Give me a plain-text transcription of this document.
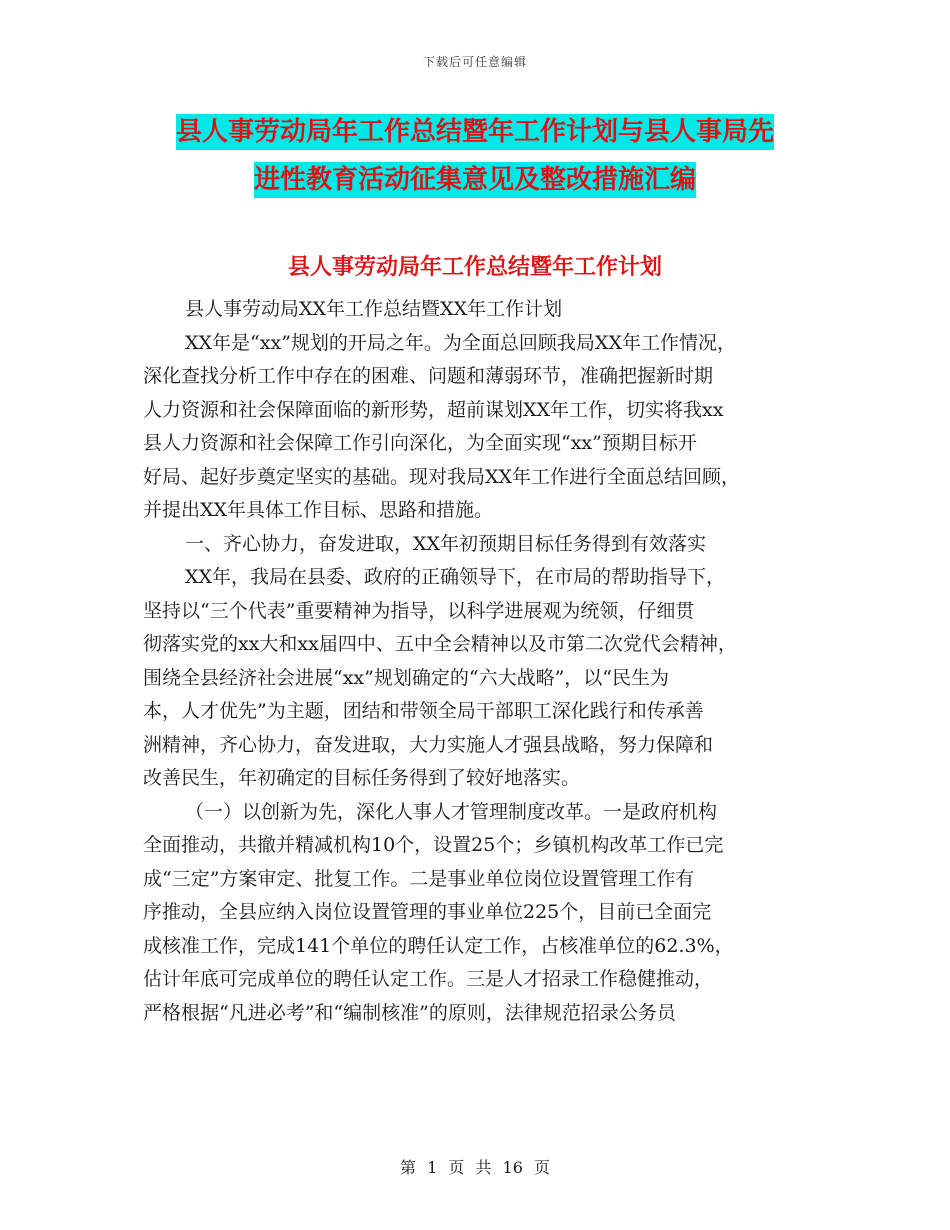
下载后可任意编辑
县人事劳动局年工作总结暨年工作计划与县人事局先
进性教育活动征集意见及整改措施汇编
县人事劳动局年工作总结暨年工作计划
县人事劳动局XX年工作总结暨XX年工作计划
XX年是“xx”规划的开局之年。为全面总回顾我局XX年工作情况，
深化查找分析工作中存在的困难、问题和薄弱环节，准确把握新时期
人力资源和社会保障面临的新形势，超前谋划XX年工作，切实将我xx
县人力资源和社会保障工作引向深化，为全面实现“xx”预期目标开
好局、起好步奠定坚实的基础。现对我局XX年工作进行全面总结回顾，
并提出XX年具体工作目标、思路和措施。
一、齐心协力，奋发进取，XX年初预期目标任务得到有效落实
XX年，我局在县委、政府的正确领导下，在市局的帮助指导下，
坚持以“三个代表”重要精神为指导，以科学进展观为统领，仔细贯
彻落实党的xx大和xx届四中、五中全会精神以及市第二次党代会精神，
围绕全县经济社会进展“xx”规划确定的“六大战略”，以“民生为
本，人才优先”为主题，团结和带领全局干部职工深化践行和传承善
洲精神，齐心协力，奋发进取，大力实施人才强县战略，努力保障和
改善民生，年初确定的目标任务得到了较好地落实。
（一）以创新为先，深化人事人才管理制度改革。一是政府机构
全面推动，共撤并精减机构10个，设置25个；乡镇机构改革工作已完
成“三定”方案审定、批复工作。二是事业单位岗位设置管理工作有
序推动，全县应纳入岗位设置管理的事业单位225个，目前已全面完
成核准工作，完成141个单位的聘任认定工作，占核准单位的62.3%，
估计年底可完成单位的聘任认定工作。三是人才招录工作稳健推动，
严格根据“凡进必考”和“编制核准”的原则，法律规范招录公务员
第 1 页 共 16 页
